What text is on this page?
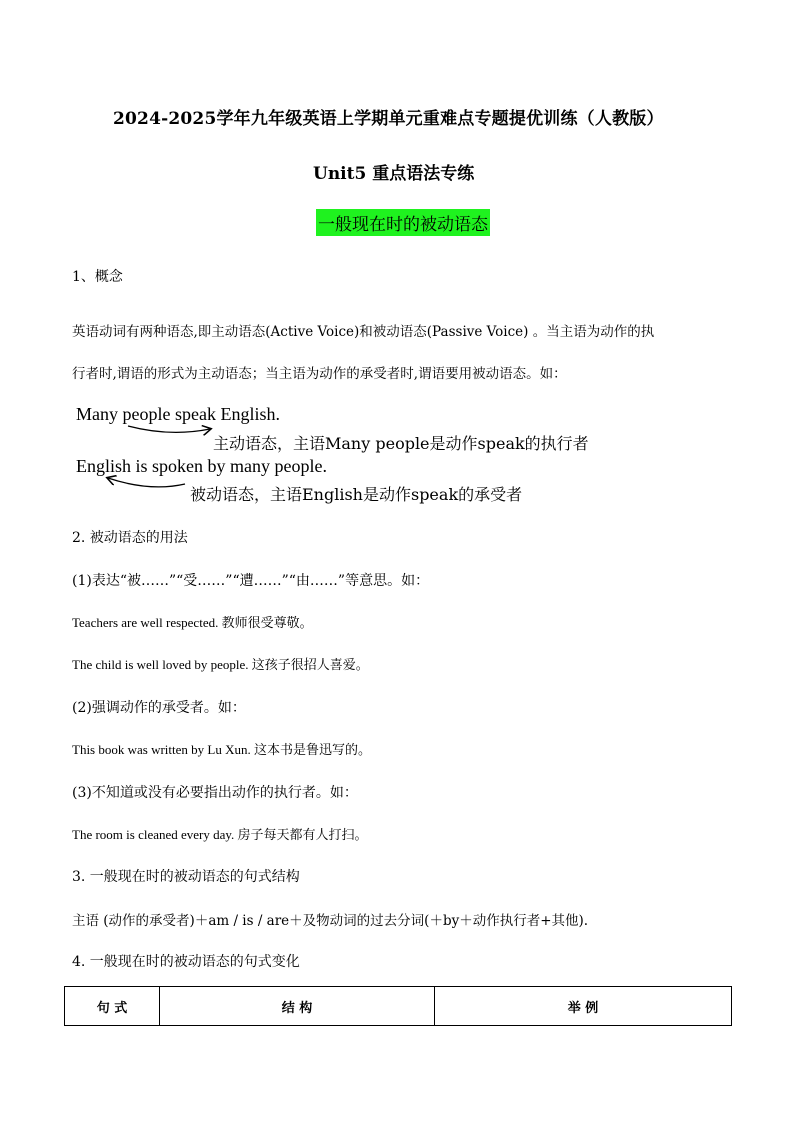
2024-2025学年九年级英语上学期单元重难点专题提优训练（人教版）
Unit5 重点语法专练
一般现在时的被动语态
1、概念
英语动词有两种语态,即主动语态(Active Voice)和被动语态(Passive Voice) 。当主语为动作的执
行者时,谓语的形式为主动语态；当主语为动作的承受者时,谓语要用被动语态。如：
Many people speak English.
主动语态，主语Many people是动作speak的执行者
English is spoken by many people.
被动语态，主语English是动作speak的承受者
2. 被动语态的用法
(1)表达“被……”“受……”“遭……”“由……”等意思。如：
Teachers are well respected. 教师很受尊敬。
The child is well loved by people. 这孩子很招人喜爱。
(2)强调动作的承受者。如：
This book was written by Lu Xun. 这本书是鲁迅写的。
(3)不知道或没有必要指出动作的执行者。如：
The room is cleaned every day. 房子每天都有人打扫。
3. 一般现在时的被动语态的句式结构
主语 (动作的承受者)＋am / is / are＋及物动词的过去分词(＋by＋动作执行者+其他).
4. 一般现在时的被动语态的句式变化
句 式	结 构	举 例
